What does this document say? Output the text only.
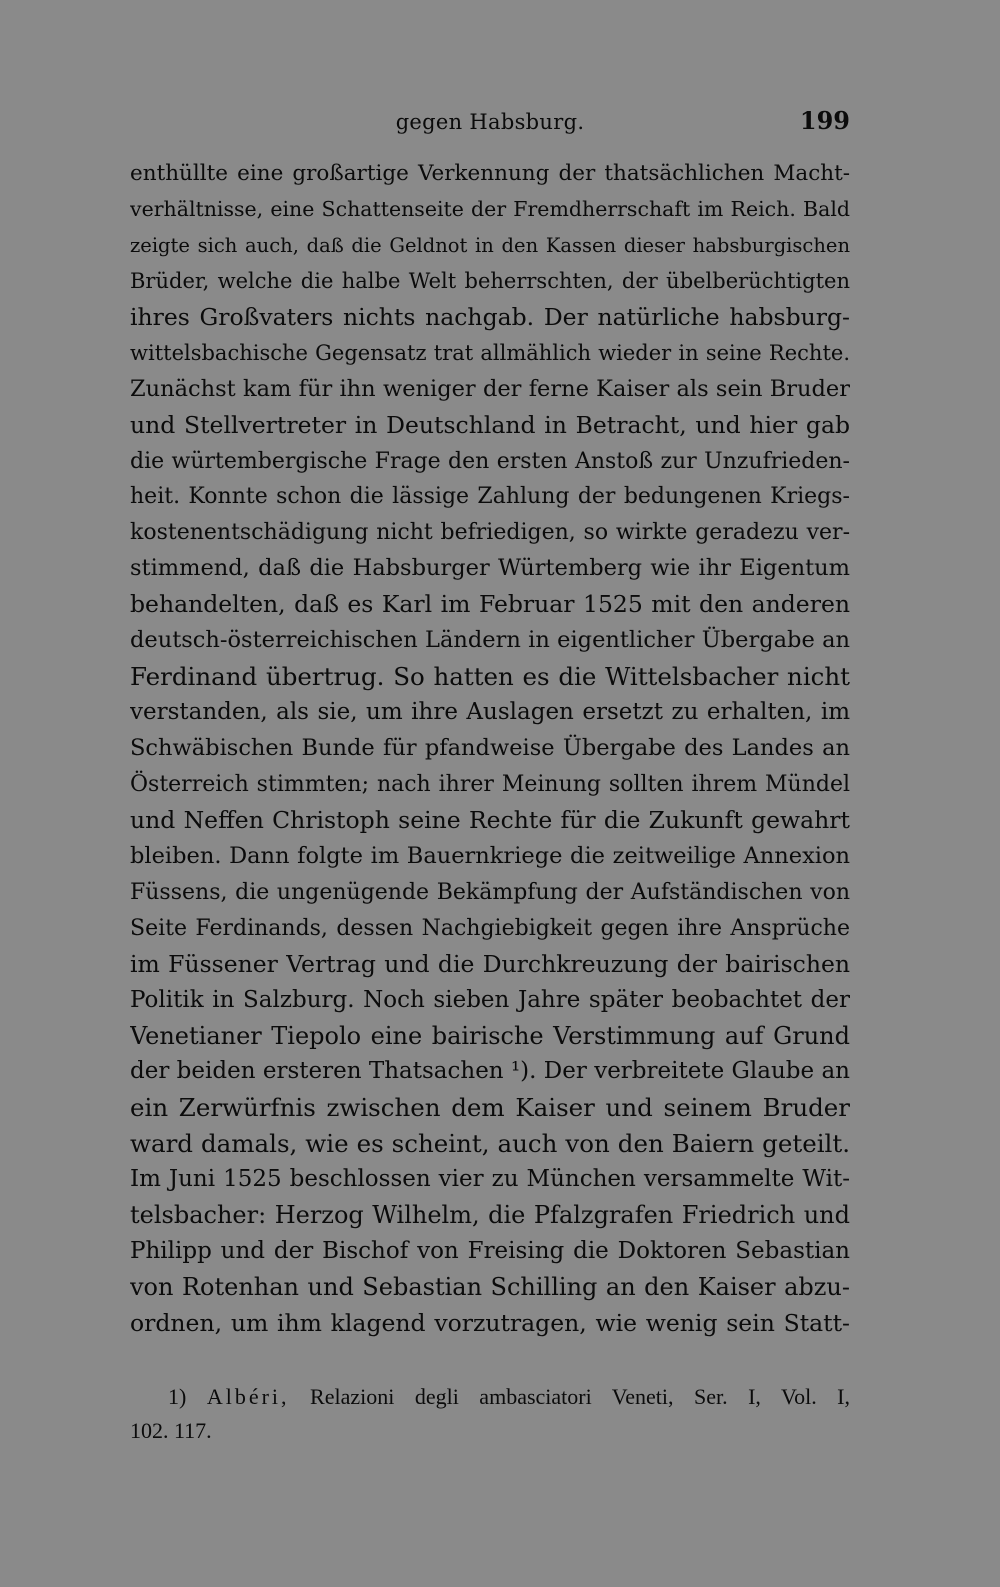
gegen Habsburg.	199
enthüllte eine großartige Verkennung der thatsächlichen Macht-
verhältnisse, eine Schattenseite der Fremdherrschaft im Reich. Bald
zeigte sich auch, daß die Geldnot in den Kassen dieser habsburgischen
Brüder, welche die halbe Welt beherrschten, der übelberüchtigten
ihres Großvaters nichts nachgab. Der natürliche habsburg-
wittelsbachische Gegensatz trat allmählich wieder in seine Rechte.
Zunächst kam für ihn weniger der ferne Kaiser als sein Bruder
und Stellvertreter in Deutschland in Betracht, und hier gab
die würtembergische Frage den ersten Anstoß zur Unzufrieden-
heit. Konnte schon die lässige Zahlung der bedungenen Kriegs-
kostenentschädigung nicht befriedigen, so wirkte geradezu ver-
stimmend, daß die Habsburger Würtemberg wie ihr Eigentum
behandelten, daß es Karl im Februar 1525 mit den anderen
deutsch-österreichischen Ländern in eigentlicher Übergabe an
Ferdinand übertrug. So hatten es die Wittelsbacher nicht
verstanden, als sie, um ihre Auslagen ersetzt zu erhalten, im
Schwäbischen Bunde für pfandweise Übergabe des Landes an
Österreich stimmten; nach ihrer Meinung sollten ihrem Mündel
und Neffen Christoph seine Rechte für die Zukunft gewahrt
bleiben. Dann folgte im Bauernkriege die zeitweilige Annexion
Füssens, die ungenügende Bekämpfung der Aufständischen von
Seite Ferdinands, dessen Nachgiebigkeit gegen ihre Ansprüche
im Füssener Vertrag und die Durchkreuzung der bairischen
Politik in Salzburg. Noch sieben Jahre später beobachtet der
Venetianer Tiepolo eine bairische Verstimmung auf Grund
der beiden ersteren Thatsachen ¹). Der verbreitete Glaube an
ein Zerwürfnis zwischen dem Kaiser und seinem Bruder
ward damals, wie es scheint, auch von den Baiern geteilt.
Im Juni 1525 beschlossen vier zu München versammelte Wit-
telsbacher: Herzog Wilhelm, die Pfalzgrafen Friedrich und
Philipp und der Bischof von Freising die Doktoren Sebastian
von Rotenhan und Sebastian Schilling an den Kaiser abzu-
ordnen, um ihm klagend vorzutragen, wie wenig sein Statt-
1) Albéri, Relazioni degli ambasciatori Veneti, Ser. I, Vol. I,
102. 117.
